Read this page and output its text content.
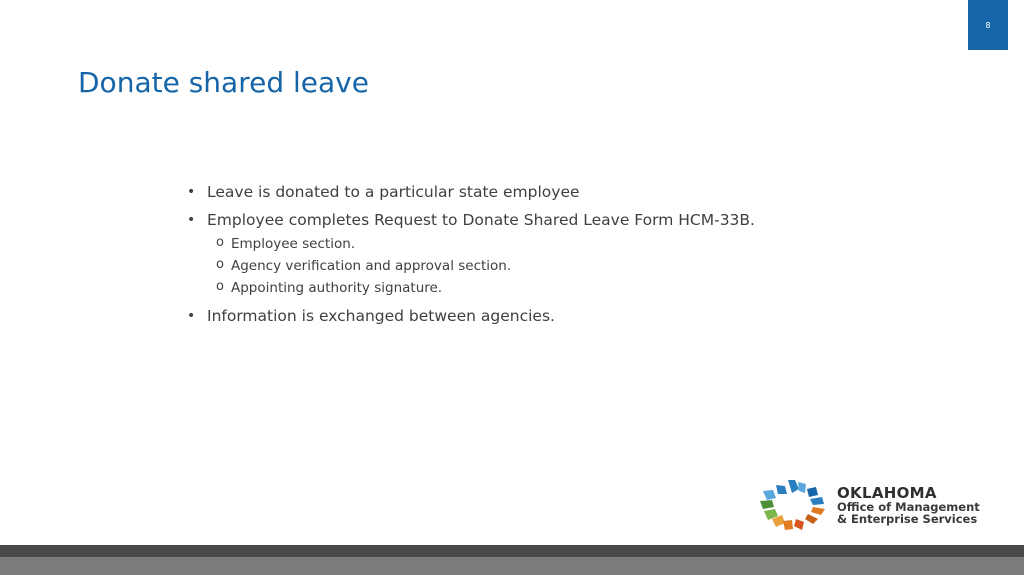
8
Donate shared leave
• Leave is donated to a particular state employee
• Employee completes Request to Donate Shared Leave Form HCM-33B.
o Employee section.
o Agency verification and approval section.
o Appointing authority signature.
• Information is exchanged between agencies.
OKLAHOMA
Office of Management
& Enterprise Services
